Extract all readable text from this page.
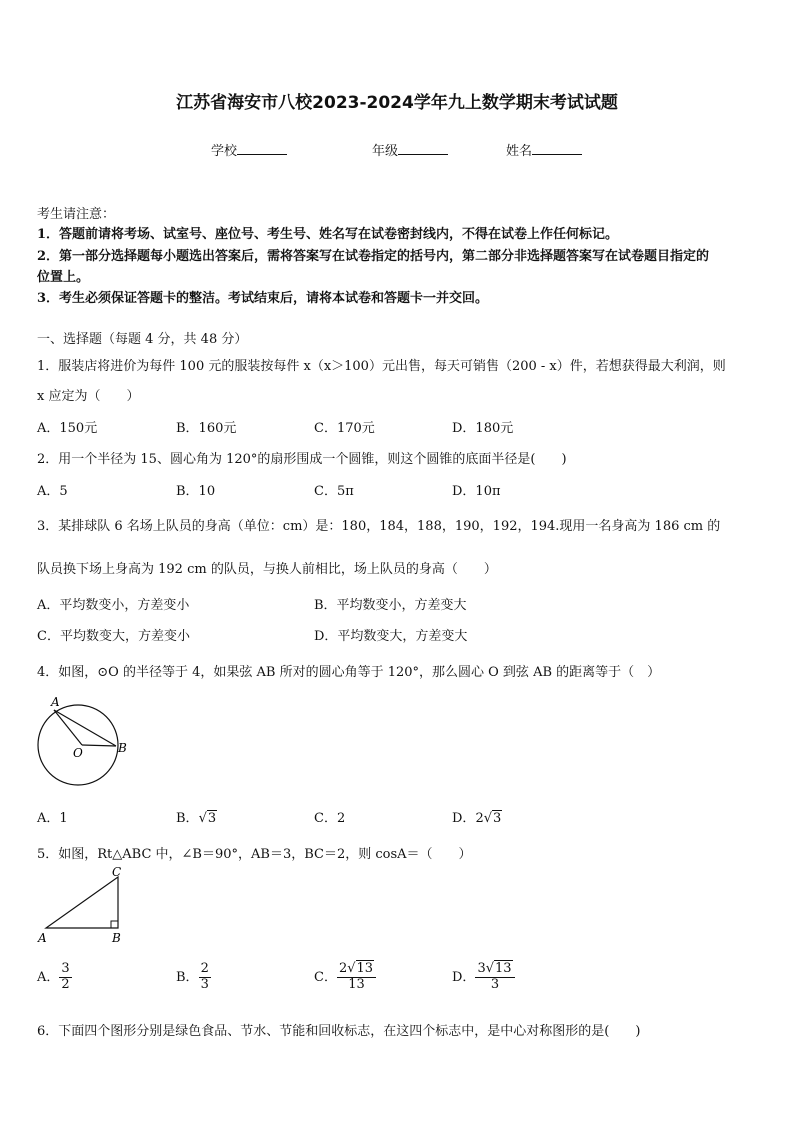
江苏省海安市八校2023-2024学年九上数学期末考试试题
学校	年级	姓名
考生请注意：
1．答题前请将考场、试室号、座位号、考生号、姓名写在试卷密封线内，不得在试卷上作任何标记。
2．第一部分选择题每小题选出答案后，需将答案写在试卷指定的括号内，第二部分非选择题答案写在试卷题目指定的
位置上。
3．考生必须保证答题卡的整洁。考试结束后，请将本试卷和答题卡一并交回。
一、选择题（每题 4 分，共 48 分）
1．服装店将进价为每件 100 元的服装按每件 x（x＞100）元出售，每天可销售（200 - x）件，若想获得最大利润，则
x 应定为（　　）
A．150元	B．160元	C．170元	D．180元
2．用一个半径为 15、圆心角为 120°的扇形围成一个圆锥，则这个圆锥的底面半径是(　　)
A．5	B．10	C．5π	D．10π
3．某排球队 6 名场上队员的身高（单位：cm）是：180，184，188，190，192，194.现用一名身高为 186 cm 的
队员换下场上身高为 192 cm 的队员，与换人前相比，场上队员的身高（　　）
A．平均数变小，方差变小	B．平均数变小，方差变大
C．平均数变大，方差变小	D．平均数变大，方差变大
4．如图，⊙O 的半径等于 4，如果弦 AB 所对的圆心角等于 120°，那么圆心 O 到弦 AB 的距离等于（　）
A
B
O
A．1	B．√3	C．2	D．2√3
5．如图，Rt△ABC 中，∠B＝90°，AB＝3，BC＝2，则 cosA＝（　　）
A	B
C
A． $\frac{3}{2}$	B． $\frac{2}{3}$	C． $\frac{2√13}{13}$	D． $\frac{3√13}{3}$
6．下面四个图形分别是绿色食品、节水、节能和回收标志，在这四个标志中，是中心对称图形的是(　　)
